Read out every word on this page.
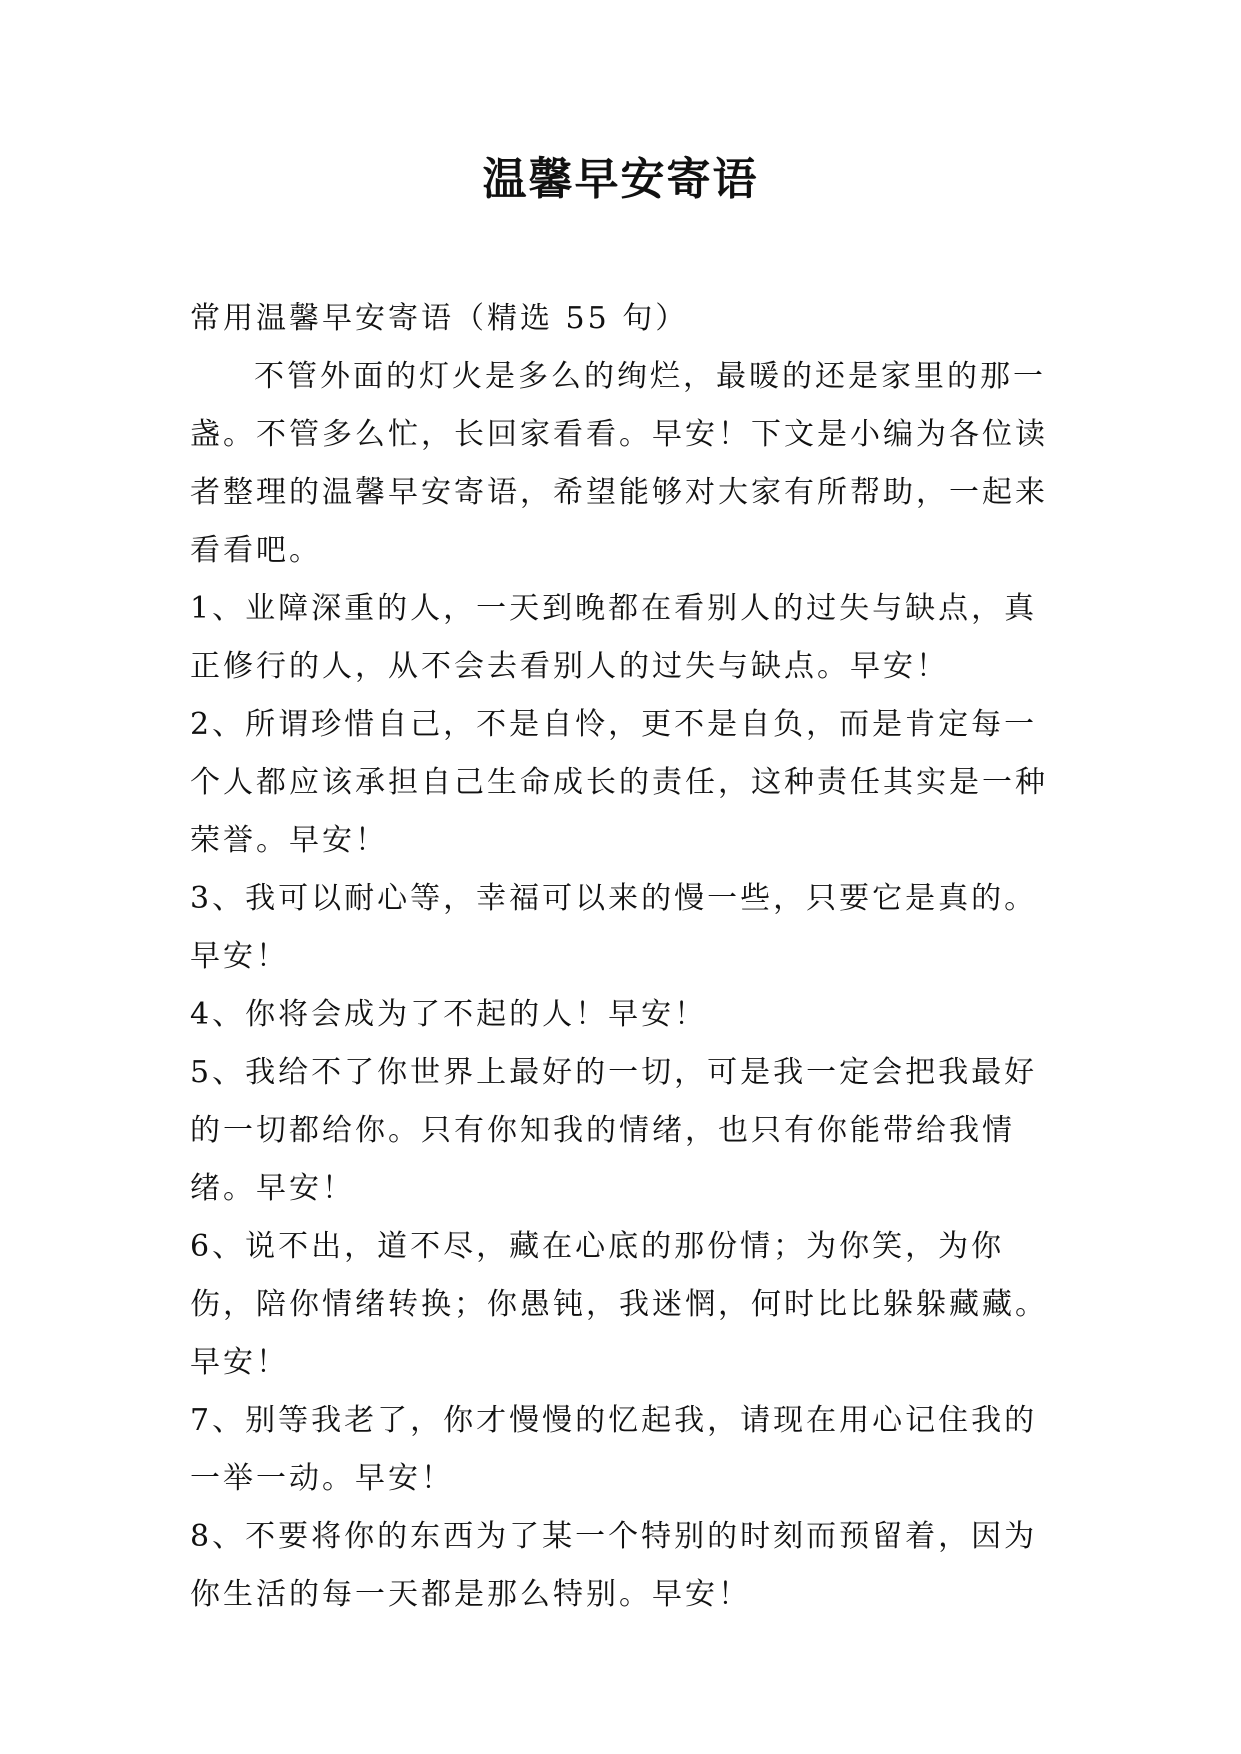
温馨早安寄语

常用温馨早安寄语（精选 55 句）

不管外面的灯火是多么的绚烂，最暖的还是家里的那一盏。不管多么忙，长回家看看。早安！下文是小编为各位读者整理的温馨早安寄语，希望能够对大家有所帮助，一起来看看吧。

1、业障深重的人，一天到晚都在看别人的过失与缺点，真正修行的人，从不会去看别人的过失与缺点。早安！

2、所谓珍惜自己，不是自怜，更不是自负，而是肯定每一个人都应该承担自己生命成长的责任，这种责任其实是一种荣誉。早安！

3、我可以耐心等，幸福可以来的慢一些，只要它是真的。早安！

4、你将会成为了不起的人！早安！

5、我给不了你世界上最好的一切，可是我一定会把我最好的一切都给你。只有你知我的情绪，也只有你能带给我情绪。早安！

6、说不出，道不尽，藏在心底的那份情；为你笑，为你伤，陪你情绪转换；你愚钝，我迷惘，何时比比躲躲藏藏。早安！

7、别等我老了，你才慢慢的忆起我，请现在用心记住我的一举一动。早安！

8、不要将你的东西为了某一个特别的时刻而预留着，因为你生活的每一天都是那么特别。早安！
